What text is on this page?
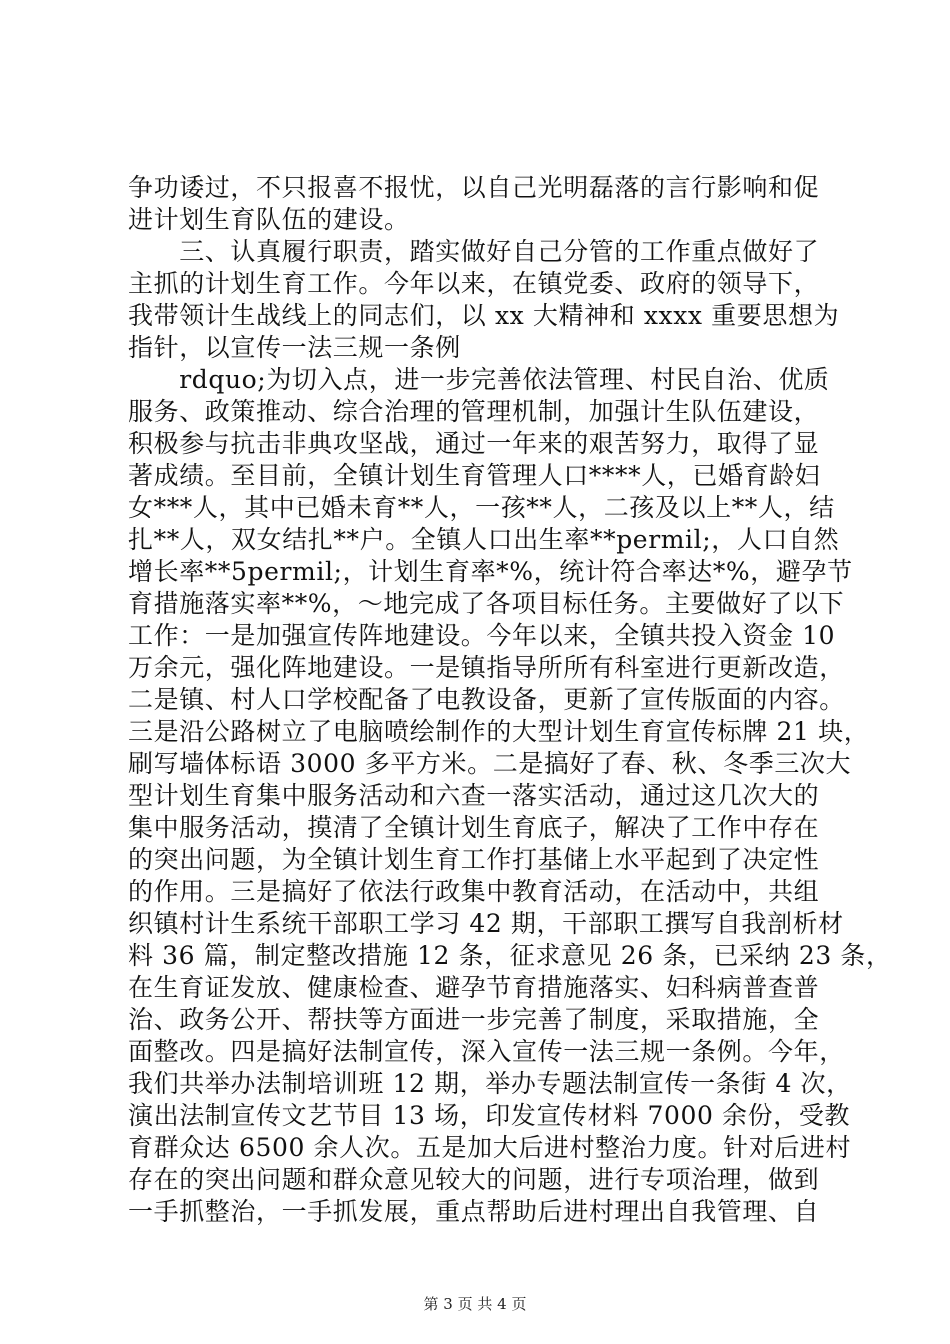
争功诿过，不只报喜不报忧，以自己光明磊落的言行影响和促
进计划生育队伍的建设。
　　三、认真履行职责，踏实做好自己分管的工作重点做好了
主抓的计划生育工作。今年以来，在镇党委、政府的领导下，
我带领计生战线上的同志们，以 xx 大精神和 xxxx 重要思想为
指针，以宣传一法三规一条例
　　rdquo;为切入点，进一步完善依法管理、村民自治、优质
服务、政策推动、综合治理的管理机制，加强计生队伍建设，
积极参与抗击非典攻坚战，通过一年来的艰苦努力，取得了显
著成绩。至目前，全镇计划生育管理人口****人，已婚育龄妇
女***人，其中已婚未育**人，一孩**人，二孩及以上**人，结
扎**人，双女结扎**户。全镇人口出生率**permil;，人口自然
增长率**5permil;，计划生育率*%，统计符合率达*%，避孕节
育措施落实率**%，～地完成了各项目标任务。主要做好了以下
工作：一是加强宣传阵地建设。今年以来，全镇共投入资金 10
万余元，强化阵地建设。一是镇指导所所有科室进行更新改造，
二是镇、村人口学校配备了电教设备，更新了宣传版面的内容。
三是沿公路树立了电脑喷绘制作的大型计划生育宣传标牌 21 块，
刷写墙体标语 3000 多平方米。二是搞好了春、秋、冬季三次大
型计划生育集中服务活动和六查一落实活动，通过这几次大的
集中服务活动，摸清了全镇计划生育底子，解决了工作中存在
的突出问题，为全镇计划生育工作打基储上水平起到了决定性
的作用。三是搞好了依法行政集中教育活动，在活动中，共组
织镇村计生系统干部职工学习 42 期，干部职工撰写自我剖析材
料 36 篇，制定整改措施 12 条，征求意见 26 条，已采纳 23 条，
在生育证发放、健康检查、避孕节育措施落实、妇科病普查普
治、政务公开、帮扶等方面进一步完善了制度，采取措施，全
面整改。四是搞好法制宣传，深入宣传一法三规一条例。今年，
我们共举办法制培训班 12 期，举办专题法制宣传一条街 4 次，
演出法制宣传文艺节目 13 场，印发宣传材料 7000 余份，受教
育群众达 6500 余人次。五是加大后进村整治力度。针对后进村
存在的突出问题和群众意见较大的问题，进行专项治理，做到
一手抓整治，一手抓发展，重点帮助后进村理出自我管理、自
第 3 页 共 4 页
